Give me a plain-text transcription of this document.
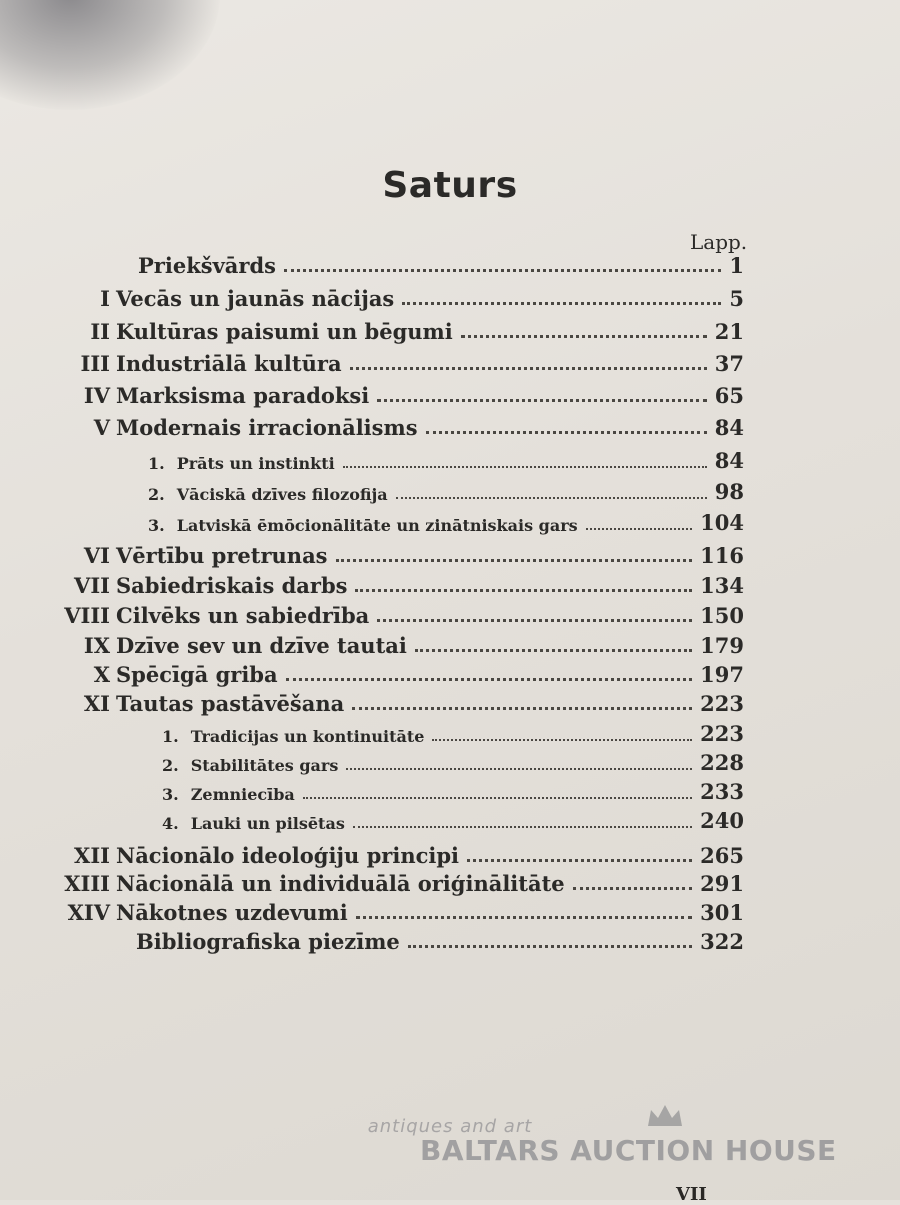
Saturs
Lapp.
Priekšvārds	1
I Vecās un jaunās nācijas	5
II Kultūras paisumi un bēgumi	21
III Industriālā kultūra	37
IV Marksisma paradoksi	65
V Modernais irracionālisms	84
1. Prāts un instinkti	84
2. Vāciskā dzīves filozofija	98
3. Latviskā ēmōcionālitāte un zinātniskais gars	104
VI Vērtību pretrunas	116
VII Sabiedriskais darbs	134
VIII Cilvēks un sabiedrība	150
IX Dzīve sev un dzīve tautai	179
X Spēcīgā griba	197
XI Tautas pastāvēšana	223
1. Tradicijas un kontinuitāte	223
2. Stabilitātes gars	228
3. Zemniecība	233
4. Lauki un pilsētas	240
XII Nācionālo ideoloģiju principi	265
XIII Nācionālā un individuālā oriģinālitāte	291
XIV Nākotnes uzdevumi	301
Bibliografiska piezīme	322
antiques and art
BALTARS AUCTION HOUSE
VII
